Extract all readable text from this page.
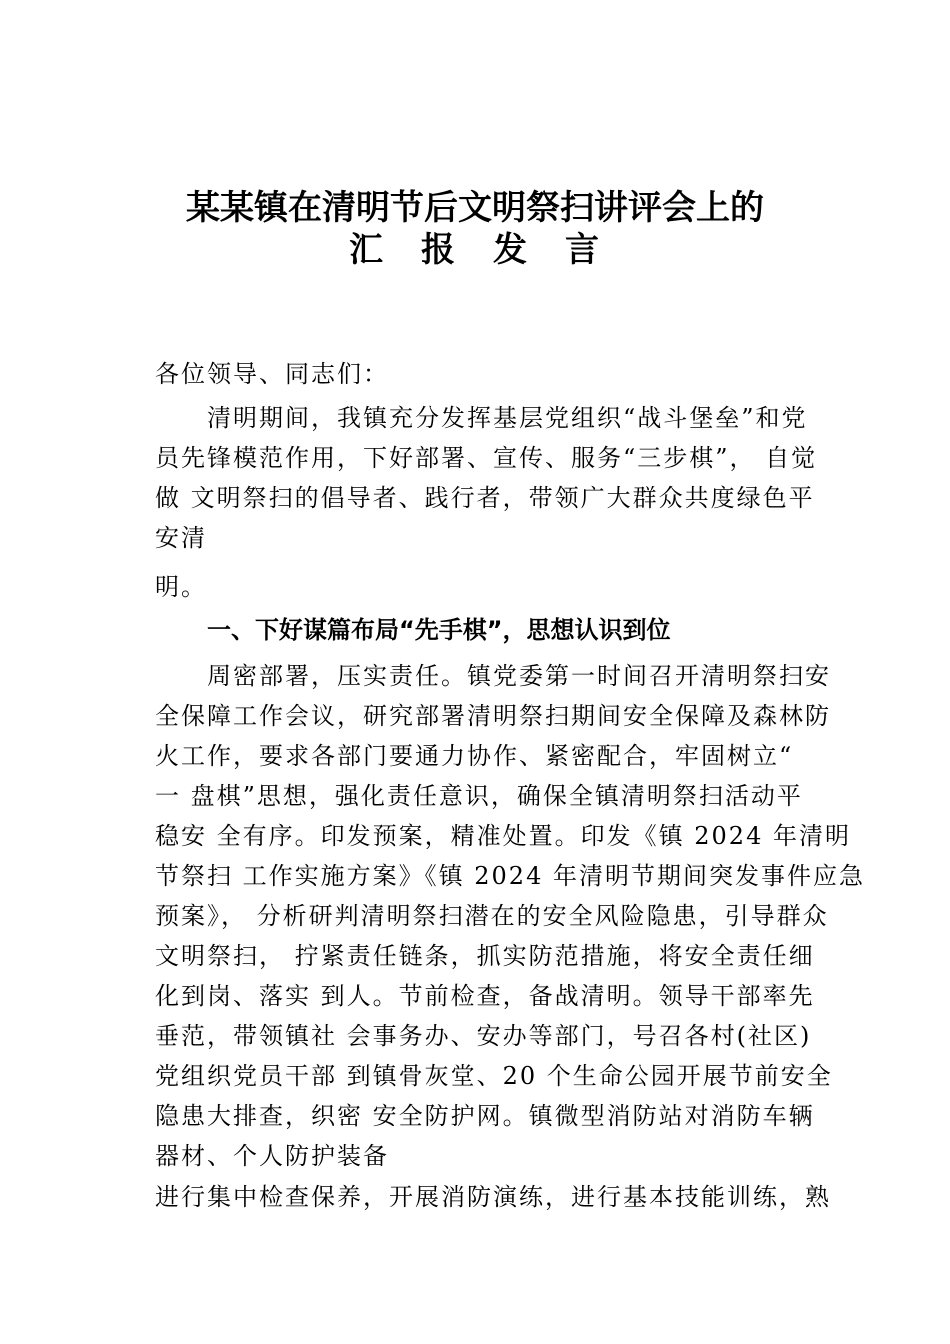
某某镇在清明节后文明祭扫讲评会上的
汇　报　发　言
各位领导、同志们：
　　清明期间，我镇充分发挥基层党组织“战斗堡垒”和党
员先锋模范作用，下好部署、宣传、服务“三步棋”， 自觉
做 文明祭扫的倡导者、践行者，带领广大群众共度绿色平
安清
明。
一、下好谋篇布局“先手棋”，思想认识到位
　　周密部署，压实责任。镇党委第一时间召开清明祭扫安
全保障工作会议，研究部署清明祭扫期间安全保障及森林防
火工作，要求各部门要通力协作、紧密配合，牢固树立“
一 盘棋”思想，强化责任意识，确保全镇清明祭扫活动平
稳安 全有序。印发预案，精准处置。印发《镇 2024 年清明
节祭扫 工作实施方案》《镇 2024 年清明节期间突发事件应急
预案》， 分析研判清明祭扫潜在的安全风险隐患，引导群众
文明祭扫， 拧紧责任链条，抓实防范措施，将安全责任细
化到岗、落实 到人。节前检查，备战清明。领导干部率先
垂范，带领镇社 会事务办、安办等部门，号召各村(社区)
党组织党员干部 到镇骨灰堂、20 个生命公园开展节前安全
隐患大排查，织密 安全防护网。镇微型消防站对消防车辆
器材、个人防护装备
进行集中检查保养，开展消防演练，进行基本技能训练，熟
